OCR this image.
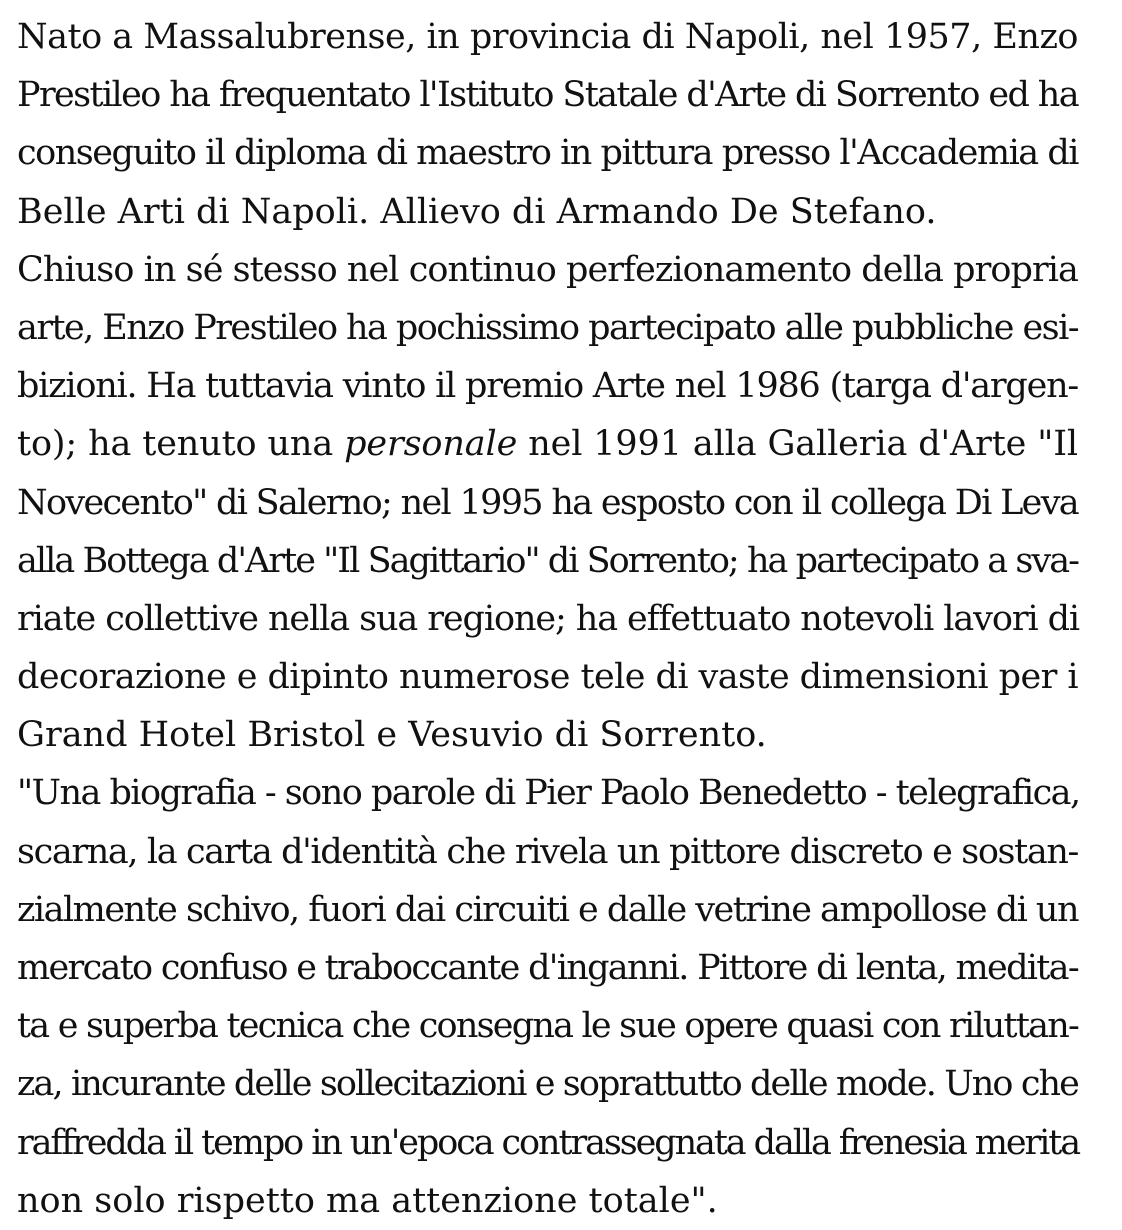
Nato a Massalubrense, in provincia di Napoli, nel 1957, Enzo
Prestileo ha frequentato l'Istituto Statale d'Arte di Sorrento ed ha
conseguito il diploma di maestro in pittura presso l'Accademia di
Belle Arti di Napoli. Allievo di Armando De Stefano.
Chiuso in sé stesso nel continuo perfezionamento della propria
arte, Enzo Prestileo ha pochissimo partecipato alle pubbliche esi-
bizioni. Ha tuttavia vinto il premio Arte nel 1986 (targa d'argen-
to); ha tenuto una personale nel 1991 alla Galleria d'Arte "Il
Novecento" di Salerno; nel 1995 ha esposto con il collega Di Leva
alla Bottega d'Arte "Il Sagittario" di Sorrento; ha partecipato a sva-
riate collettive nella sua regione; ha effettuato notevoli lavori di
decorazione e dipinto numerose tele di vaste dimensioni per i
Grand Hotel Bristol e Vesuvio di Sorrento.
"Una biografia - sono parole di Pier Paolo Benedetto - telegrafica,
scarna, la carta d'identità che rivela un pittore discreto e sostan-
zialmente schivo, fuori dai circuiti e dalle vetrine ampollose di un
mercato confuso e traboccante d'inganni. Pittore di lenta, medita-
ta e superba tecnica che consegna le sue opere quasi con riluttan-
za, incurante delle sollecitazioni e soprattutto delle mode. Uno che
raffredda il tempo in un'epoca contrassegnata dalla frenesia merita
non solo rispetto ma attenzione totale".
